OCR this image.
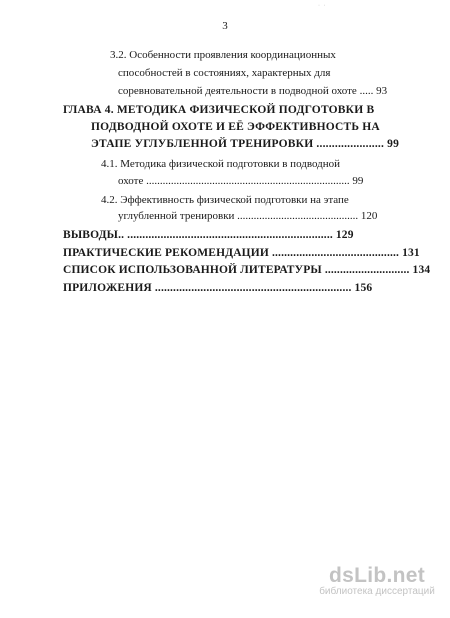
· ·
3
3.2. Особенности проявления координационных
способностей в состояниях, характерных для
соревновательной деятельности в подводной охоте ..... 93
ГЛАВА 4. МЕТОДИКА ФИЗИЧЕСКОЙ ПОДГОТОВКИ В
ПОДВОДНОЙ ОХОТЕ И ЕЁ ЭФФЕКТИВНОСТЬ НА
ЭТАПЕ УГЛУБЛЕННОЙ ТРЕНИРОВКИ ...................... 99
4.1. Методика физической подготовки в подводной
охоте .......................................................................... 99
4.2. Эффективность физической подготовки на этапе
углубленной тренировки ............................................ 120
ВЫВОДЫ.. .................................................................... 129
ПРАКТИЧЕСКИЕ РЕКОМЕНДАЦИИ .......................................... 131
СПИСОК ИСПОЛЬЗОВАННОЙ ЛИТЕРАТУРЫ ............................ 134
ПРИЛОЖЕНИЯ ................................................................. 156
dsLib.net
библиотека диссертаций
